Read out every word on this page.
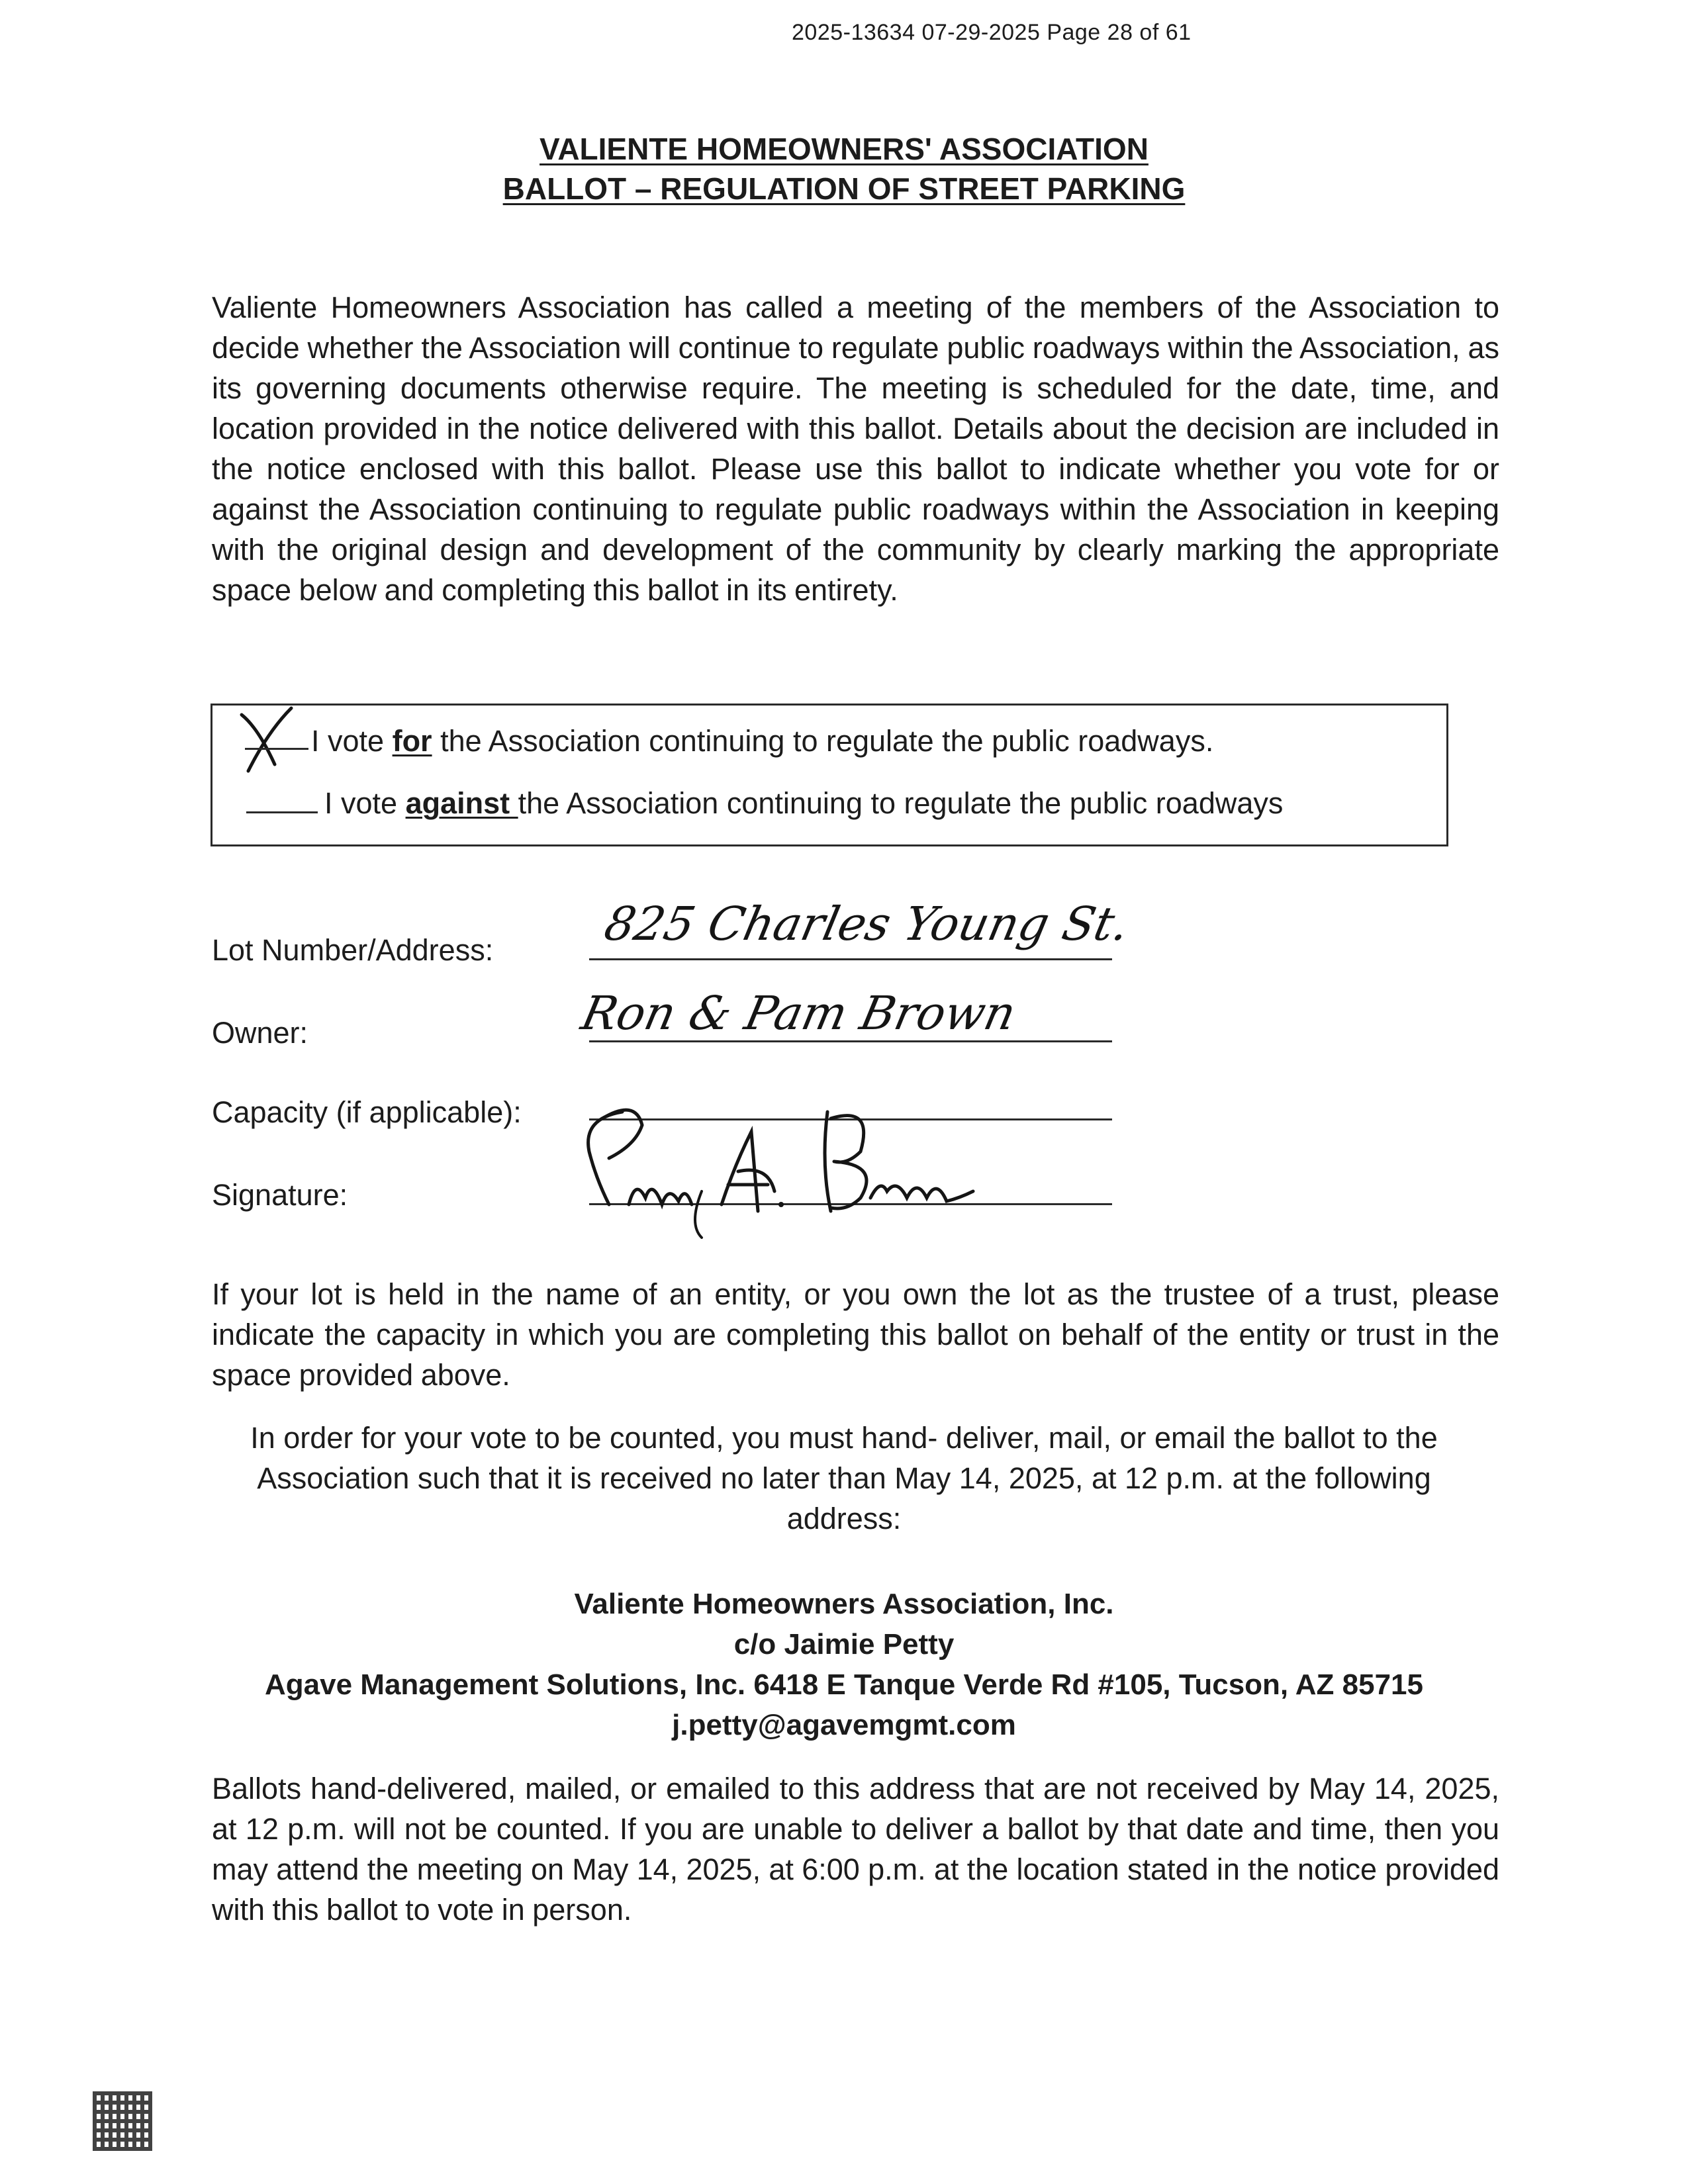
2025-13634 07-29-2025 Page 28 of 61
VALIENTE HOMEOWNERS' ASSOCIATION
BALLOT – REGULATION OF STREET PARKING
Valiente Homeowners Association has called a meeting of the members of the Association to decide whether the Association will continue to regulate public roadways within the Association, as its governing documents otherwise require. The meeting is scheduled for the date, time, and location provided in the notice delivered with this ballot. Details about the decision are included in the notice enclosed with this ballot. Please use this ballot to indicate whether you vote for or against the Association continuing to regulate public roadways within the Association in keeping with the original design and development of the community by clearly marking the appropriate space below and completing this ballot in its entirety.
I vote for the Association continuing to regulate the public roadways.
I vote against the Association continuing to regulate the public roadways
Lot Number/Address: 825 Charles Young St.
Owner:	Ron & Pam Brown
Capacity (if applicable):
Signature:
If your lot is held in the name of an entity, or you own the lot as the trustee of a trust, please indicate the capacity in which you are completing this ballot on behalf of the entity or trust in the space provided above.
In order for your vote to be counted, you must hand- deliver, mail, or email the ballot to the Association such that it is received no later than May 14, 2025, at 12 p.m. at the following address:
Valiente Homeowners Association, Inc.
c/o Jaimie Petty
Agave Management Solutions, Inc. 6418 E Tanque Verde Rd #105, Tucson, AZ 85715
j.petty@agavemgmt.com
Ballots hand-delivered, mailed, or emailed to this address that are not received by May 14, 2025, at 12 p.m. will not be counted. If you are unable to deliver a ballot by that date and time, then you may attend the meeting on May 14, 2025, at 6:00 p.m. at the location stated in the notice provided with this ballot to vote in person.
